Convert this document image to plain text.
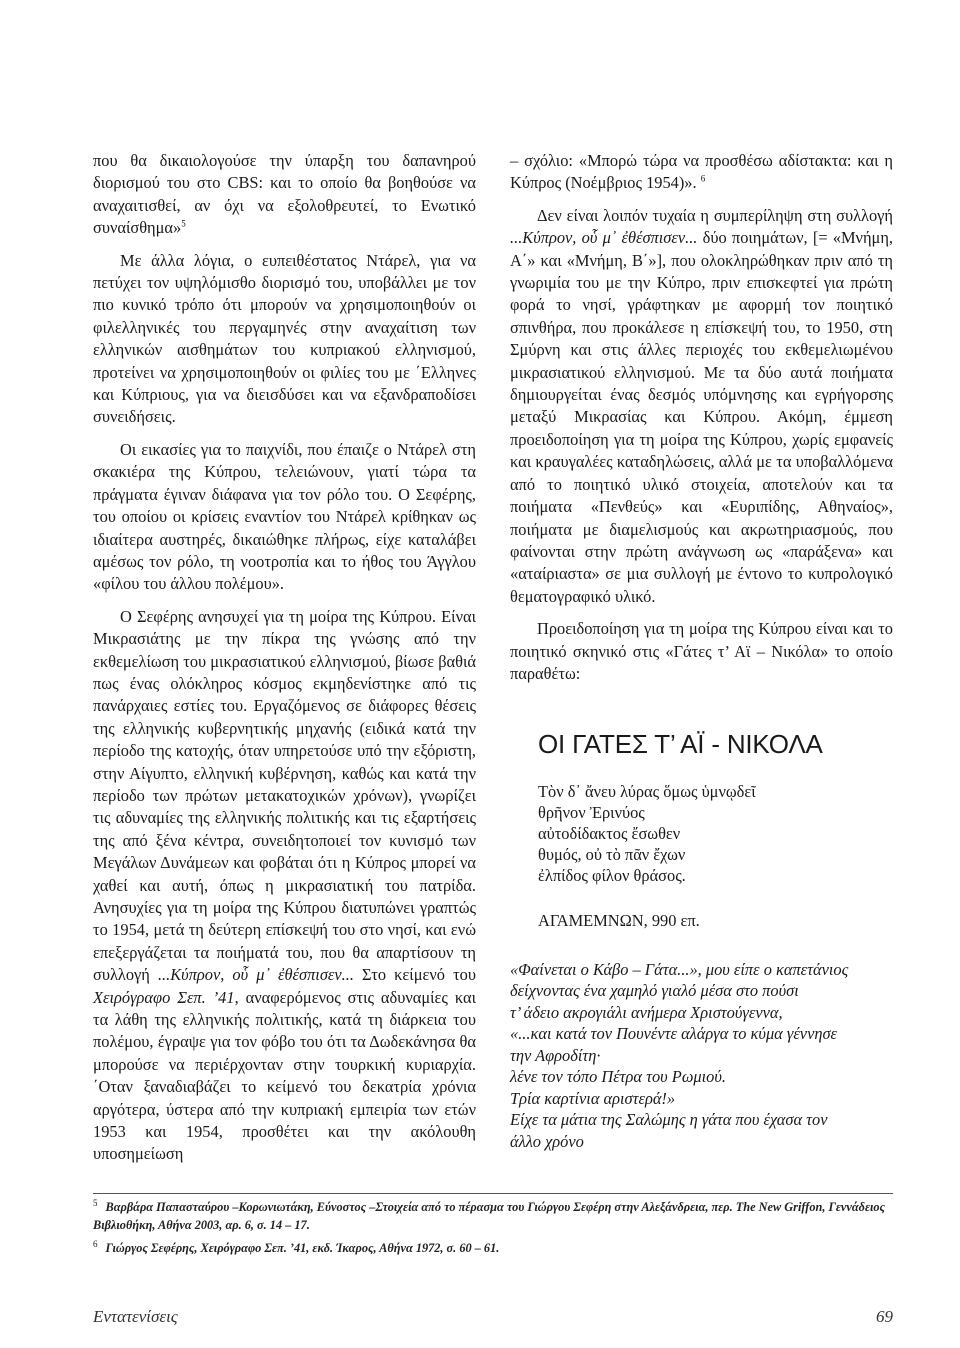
που θα δικαιολογούσε την ύπαρξη του δαπανηρού διορισμού του στο CBS: και το οποίο θα βοηθούσε να αναχαιτισθεί, αν όχι να εξολοθρευτεί, το Ενωτικό συναίσθημα»$^5$

Με άλλα λόγια, ο ευπειθέστατος Ντάρελ, για να πετύχει τον υψηλόμισθο διορισμό του, υποβάλλει με τον πιο κυνικό τρόπο ότι μπορούν να χρησιμοποιηθούν οι φιλελληνικές του περγαμηνές στην αναχαίτιση των ελληνικών αισθημάτων του κυπριακού ελληνισμού, προτείνει να χρησιμοποιηθούν οι φιλίες του με ΄Ελληνες και Κύπριους, για να διεισδύσει και να εξανδραποδίσει συνειδήσεις.

Οι εικασίες για το παιχνίδι, που έπαιζε ο Ντάρελ στη σκακιέρα της Κύπρου, τελειώνουν, γιατί τώρα τα πράγματα έγιναν διάφανα για τον ρόλο του. Ο Σεφέρης, του οποίου οι κρίσεις εναντίον του Ντάρελ κρίθηκαν ως ιδιαίτερα αυστηρές, δικαιώθηκε πλήρως, είχε καταλάβει αμέσως τον ρόλο, τη νοοτροπία και το ήθος του Άγγλου «φίλου του άλλου πολέμου».

Ο Σεφέρης ανησυχεί για τη μοίρα της Κύπρου. Είναι Μικρασιάτης με την πίκρα της γνώσης από την εκθεμελίωση του μικρασιατικού ελληνισμού, βίωσε βαθιά πως ένας ολόκληρος κόσμος εκμηδενίστηκε από τις πανάρχαιες εστίες του. Εργαζόμενος σε διάφορες θέσεις της ελληνικής κυβερνητικής μηχανής (ειδικά κατά την περίοδο της κατοχής, όταν υπηρετούσε υπό την εξόριστη, στην Αίγυπτο, ελληνική κυβέρνηση, καθώς και κατά την περίοδο των πρώτων μετακατοχικών χρόνων), γνωρίζει τις αδυναμίες της ελληνικής πολιτικής και τις εξαρτήσεις της από ξένα κέντρα, συνειδητοποιεί τον κυνισμό των Μεγάλων Δυνάμεων και φοβάται ότι η Κύπρος μπορεί να χαθεί και αυτή, όπως η μικρασιατική του πατρίδα. Ανησυχίες για τη μοίρα της Κύπρου διατυπώνει γραπτώς το 1954, μετά τη δεύτερη επίσκεψή του στο νησί, και ενώ επεξεργάζεται τα ποιήματά του, που θα απαρτίσουν τη συλλογή ...Κύπρον, οὗ μ᾽ ἐθέσπισεν... Στο κείμενό του Χειρόγραφο Σεπ. ’41, αναφερόμενος στις αδυναμίες και τα λάθη της ελληνικής πολιτικής, κατά τη διάρκεια του πολέμου, έγραψε για τον φόβο του ότι τα Δωδεκάνησα θα μπορούσε να περιέρχονταν στην τουρκική κυριαρχία. ΄Οταν ξαναδιαβάζει το κείμενό του δεκατρία χρόνια αργότερα, ύστερα από την κυπριακή εμπειρία των ετών 1953 και 1954, προσθέτει και την ακόλουθη υποσημείωση

– σχόλιο: «Μπορώ τώρα να προσθέσω αδίστακτα: και η Κύπρος (Νοέμβριος 1954)». $^6$

Δεν είναι λοιπόν τυχαία η συμπερίληψη στη συλλογή ...Κύπρον, οὗ μ᾽ ἐθέσπισεν... δύο ποιημάτων, [= «Μνήμη, Α΄» και «Μνήμη, Β΄»], που ολοκληρώθηκαν πριν από τη γνωριμία του με την Κύπρο, πριν επισκεφτεί για πρώτη φορά το νησί, γράφτηκαν με αφορμή τον ποιητικό σπινθήρα, που προκάλεσε η επίσκεψή του, το 1950, στη Σμύρνη και στις άλλες περιοχές του εκθεμελιωμένου μικρασιατικού ελληνισμού. Με τα δύο αυτά ποιήματα δημιουργείται ένας δεσμός υπόμνησης και εγρήγορσης μεταξύ Μικρασίας και Κύπρου. Ακόμη, έμμεση προειδοποίηση για τη μοίρα της Κύπρου, χωρίς εμφανείς και κραυγαλέες καταδηλώσεις, αλλά με τα υποβαλλόμενα από το ποιητικό υλικό στοιχεία, αποτελούν και τα ποιήματα «Πενθεύς» και «Ευριπίδης, Αθηναίος», ποιήματα με διαμελισμούς και ακρωτηριασμούς, που φαίνονται στην πρώτη ανάγνωση ως «παράξενα» και «αταίριαστα» σε μια συλλογή με έντονο το κυπρολογικό θεματογραφικό υλικό.

Προειδοποίηση για τη μοίρα της Κύπρου είναι και το ποιητικό σκηνικό στις «Γάτες τ’ Αϊ – Νικόλα» το οποίο παραθέτω:

ΟΙ ΓΑΤΕΣ Τ’ ΑΪ - ΝΙΚΟΛΑ
Τὸν δ᾽ ἄνευ λύρας ὅμως ὑμνῳδεῖ
θρῆνον Ἐρινύος
αὐτοδίδακτος ἔσωθεν
θυμός, οὐ τὸ πᾶν ἔχων
ἐλπίδος φίλον θράσος.
ΑΓΑΜΕΜΝΩΝ, 990 επ.
«Φαίνεται ο Κάβο – Γάτα...», μου είπε ο καπετάνιος
δείχνοντας ένα χαμηλό γιαλό μέσα στο πούσι
τ’ άδειο ακρογιάλι ανήμερα Χριστούγεννα,
«...και κατά τον Πουνέντε αλάργα το κύμα γέννησε
την Αφροδίτη·
λένε τον τόπο Πέτρα του Ρωμιού.
Τρία καρτίνια αριστερά!»
Είχε τα μάτια της Σαλώμης η γάτα που έχασα τον
άλλο χρόνο
$^5$ Βαρβάρα Παπασταύρου –Κορωνιωτάκη, Εύνοστος –Στοιχεία από το πέρασμα του Γιώργου Σεφέρη στην Αλεξάνδρεια, περ. The New Griffon, Γεννάδειος Βιβλιοθήκη, Αθήνα 2003, αρ. 6, σ. 14 – 17.
$^6$ Γιώργος Σεφέρης, Χειρόγραφο Σεπ. ’41, εκδ. Ίκαρος, Αθήνα 1972, σ. 60 – 61.
Εντατενίσεις	69
